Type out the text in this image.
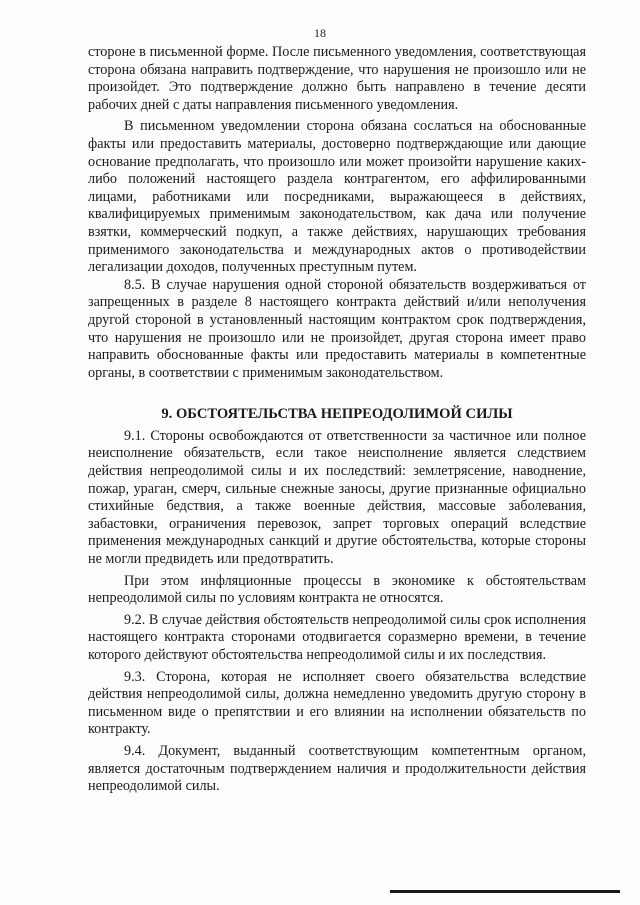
18

стороне в письменной форме. После письменного уведомления, соответствующая сторона обязана направить подтверждение, что нарушения не произошло или не произойдет. Это подтверждение должно быть направлено в течение десяти рабочих дней с даты направления письменного уведомления.

В письменном уведомлении сторона обязана сослаться на обоснованные факты или предоставить материалы, достоверно подтверждающие или дающие основание предполагать, что произошло или может произойти нарушение каких-либо положений настоящего раздела контрагентом, его аффилированными лицами, работниками или посредниками, выражающееся в действиях, квалифицируемых применимым законодательством, как дача или получение взятки, коммерческий подкуп, а также действиях, нарушающих требования применимого законодательства и международных актов о противодействии легализации доходов, полученных преступным путем.

8.5. В случае нарушения одной стороной обязательств воздерживаться от запрещенных в разделе 8 настоящего контракта действий и/или неполучения другой стороной в установленный настоящим контрактом срок подтверждения, что нарушения не произошло или не произойдет, другая сторона имеет право направить обоснованные факты или предоставить материалы в компетентные органы, в соответствии с применимым законодательством.

9. ОБСТОЯТЕЛЬСТВА НЕПРЕОДОЛИМОЙ СИЛЫ

9.1. Стороны освобождаются от ответственности за частичное или полное неисполнение обязательств, если такое неисполнение является следствием действия непреодолимой силы и их последствий: землетрясение, наводнение, пожар, ураган, смерч, сильные снежные заносы, другие признанные официально стихийные бедствия, а также военные действия, массовые заболевания, забастовки, ограничения перевозок, запрет торговых операций вследствие применения международных санкций и другие обстоятельства, которые стороны не могли предвидеть или предотвратить.

При этом инфляционные процессы в экономике к обстоятельствам непреодолимой силы по условиям контракта не относятся.

9.2. В случае действия обстоятельств непреодолимой силы срок исполнения настоящего контракта сторонами отодвигается соразмерно времени, в течение которого действуют обстоятельства непреодолимой силы и их последствия.

9.3. Сторона, которая не исполняет своего обязательства вследствие действия непреодолимой силы, должна немедленно уведомить другую сторону в письменном виде о препятствии и его влиянии на исполнении обязательств по контракту.

9.4. Документ, выданный соответствующим компетентным органом, является достаточным подтверждением наличия и продолжительности действия непреодолимой силы.
